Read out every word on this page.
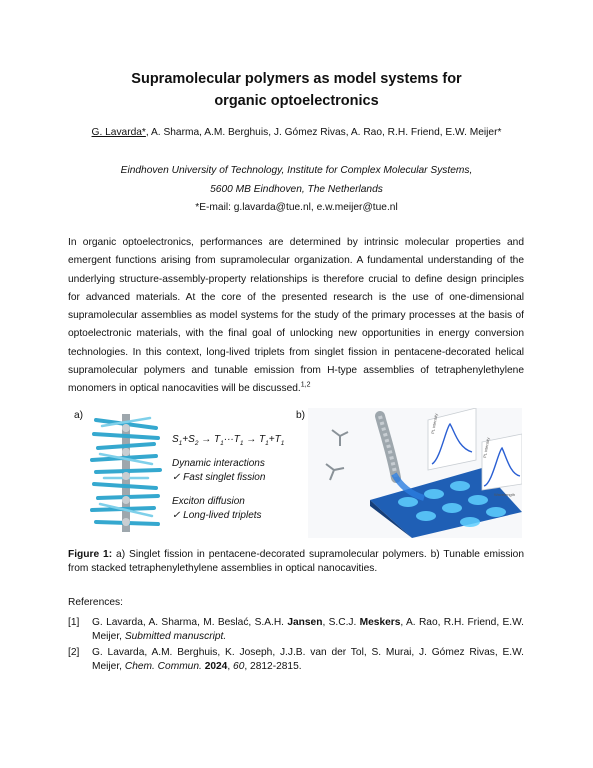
Supramolecular polymers as model systems for
organic optoelectronics
G. Lavarda*, A. Sharma, A.M. Berghuis, J. Gómez Rivas, A. Rao, R.H. Friend, E.W. Meijer*
Eindhoven University of Technology, Institute for Complex Molecular Systems,
5600 MB Eindhoven, The Netherlands
*E-mail: g.lavarda@tue.nl, e.w.meijer@tue.nl
In organic optoelectronics, performances are determined by intrinsic molecular properties and emergent functions arising from supramolecular organization. A fundamental understanding of the underlying structure-assembly-property relationships is therefore crucial to define design principles for advanced materials. At the core of the presented research is the use of one-dimensional supramolecular assemblies as model systems for the study of the primary processes at the basis of optoelectronic materials, with the final goal of unlocking new opportunities in energy conversion technologies. In this context, long-lived triplets from singlet fission in pentacene-decorated helical supramolecular polymers and tunable emission from H-type assemblies of tetraphenylethylene monomers in optical nanocavities will be discussed.$^{1,2}$
a)
$S_1+S_2 \to T_1\cdot\cdot\cdot T_1 \to T_1+T_1$
Dynamic interactions
✓ Fast singlet fission
Exciton diffusion
✓ Long-lived triplets
b)	PL intensity
PL intensity
Wavelength
Figure 1: a) Singlet fission in pentacene-decorated supramolecular polymers. b) Tunable emission from stacked tetraphenylethylene assemblies in optical nanocavities.
References:
[1] G. Lavarda, A. Sharma, M. Beslać, S.A.H. Jansen, S.C.J. Meskers, A. Rao, R.H. Friend, E.W. Meijer, Submitted manuscript.
[2] G. Lavarda, A.M. Berghuis, K. Joseph, J.J.B. van der Tol, S. Murai, J. Gómez Rivas, E.W. Meijer, Chem. Commun. 2024, 60, 2812-2815.
